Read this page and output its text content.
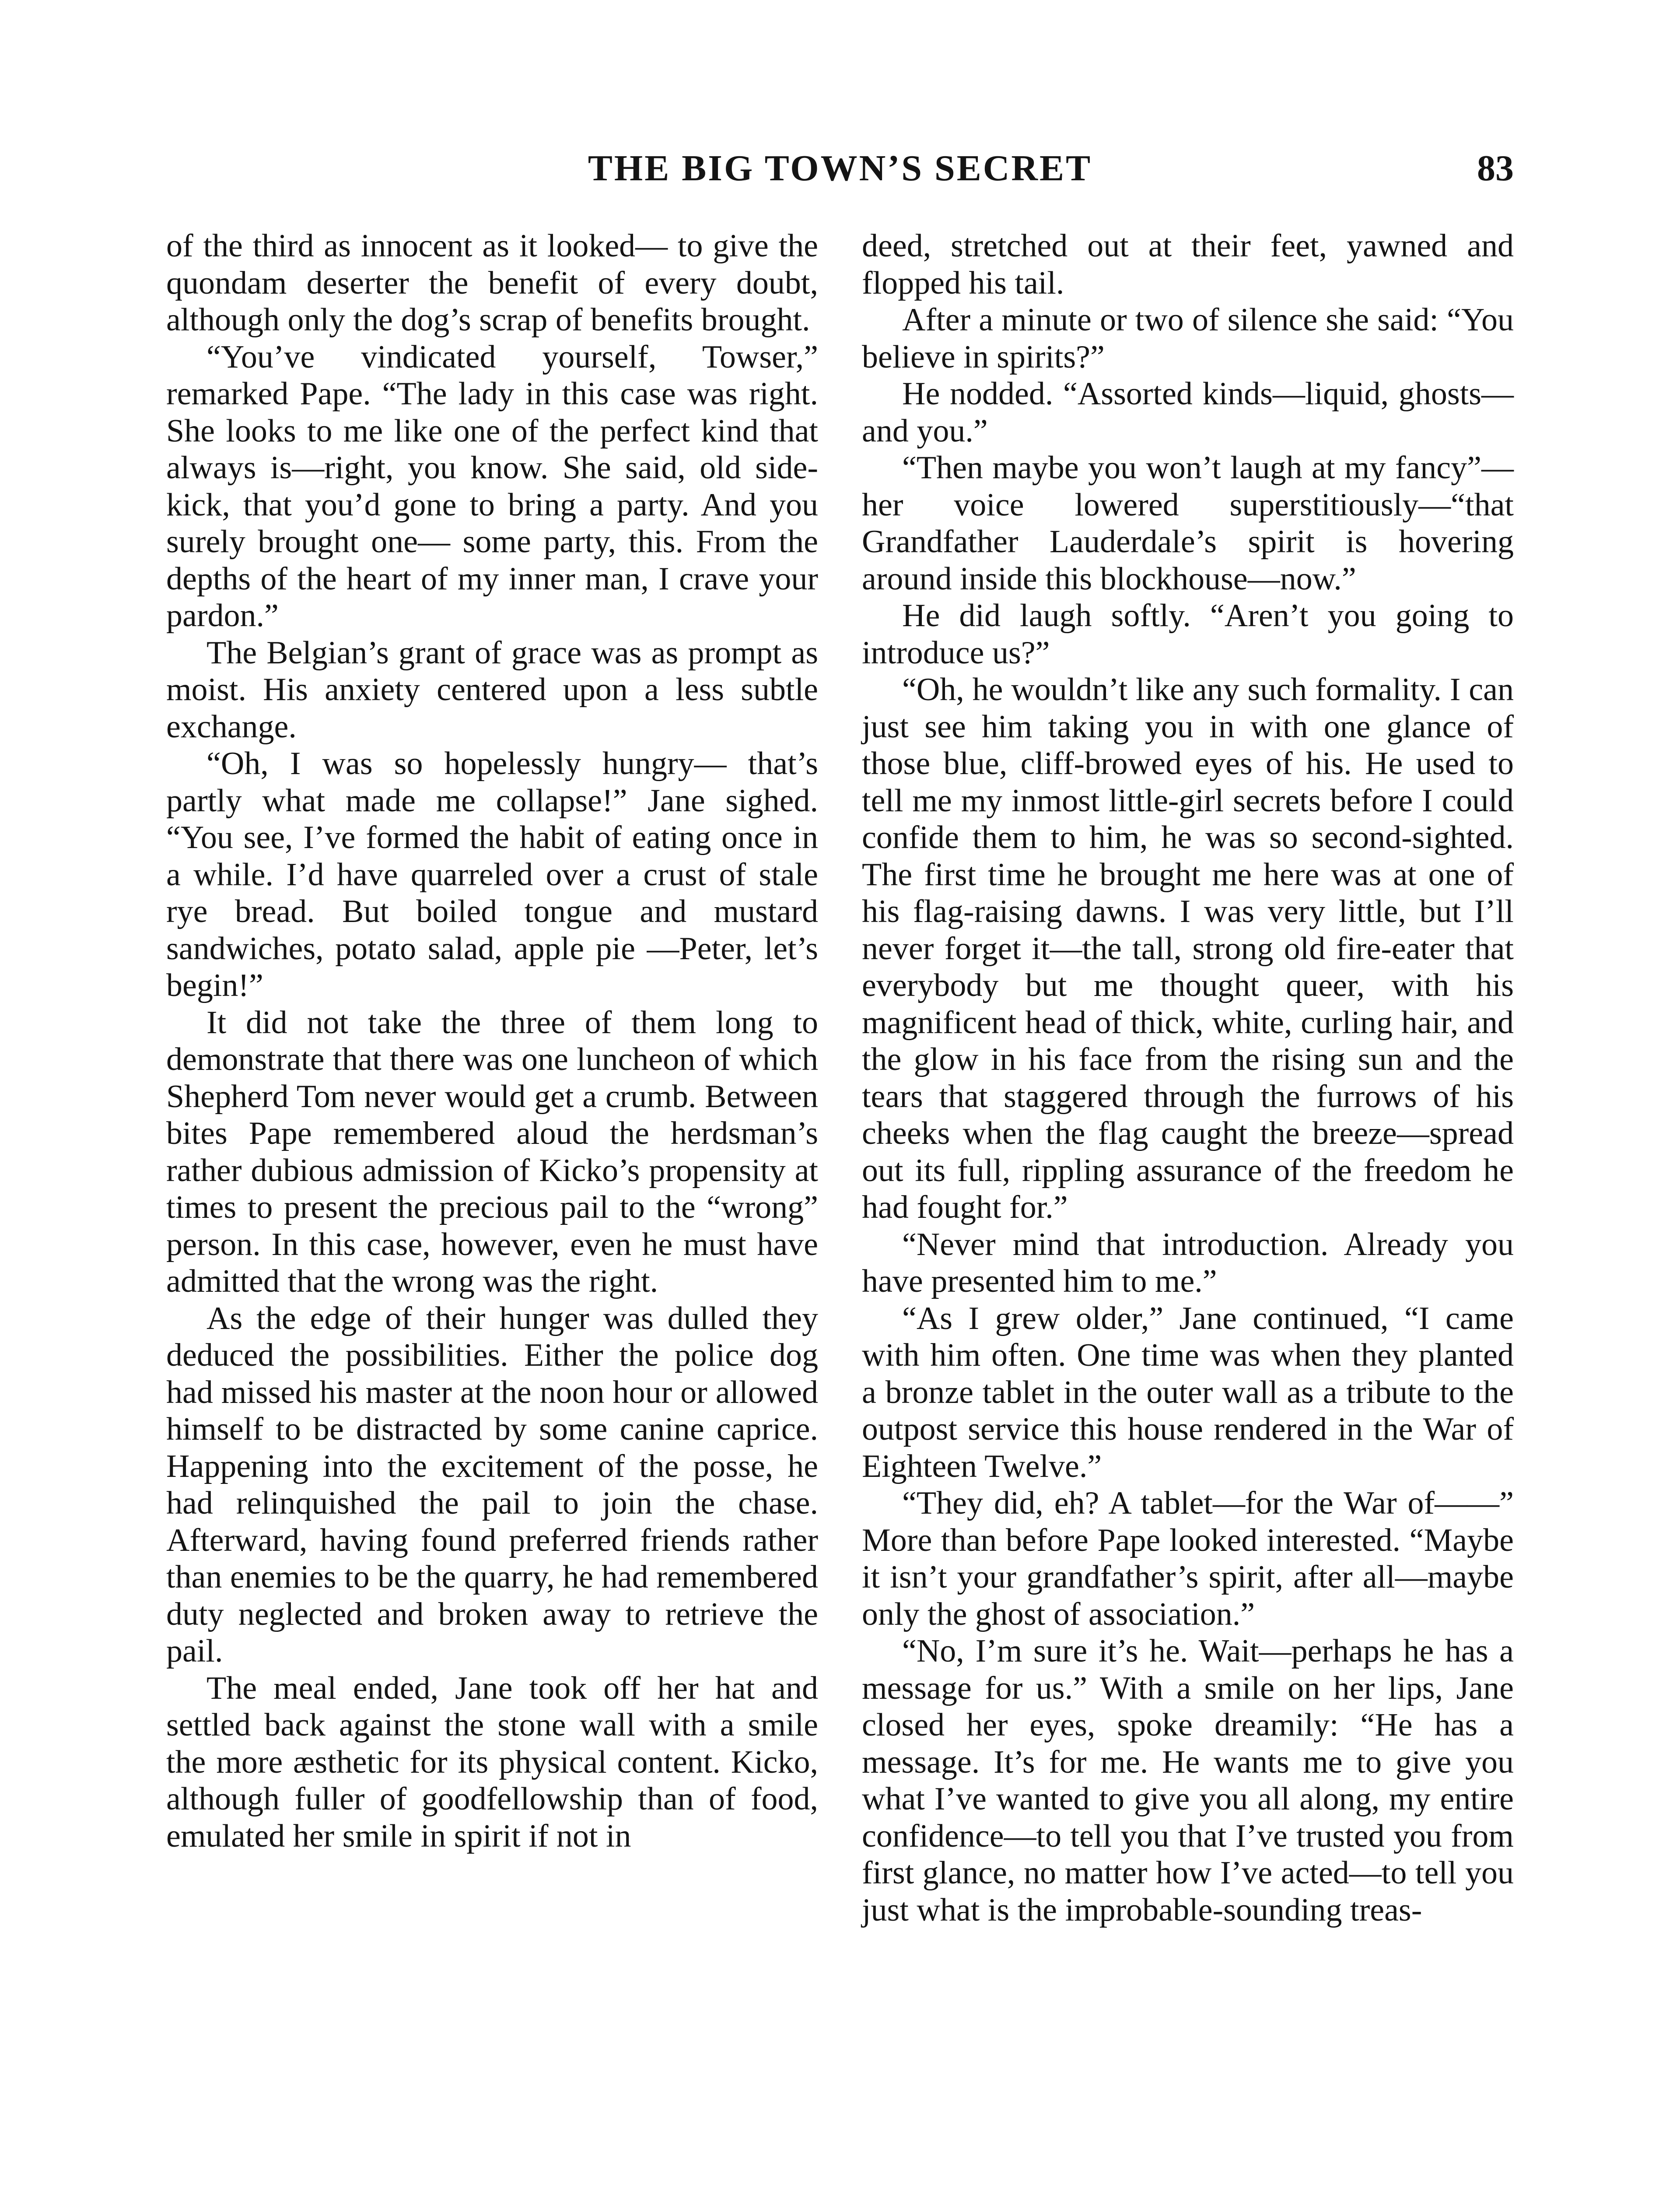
THE BIG TOWN’S SECRET	83

of the third as innocent as it looked— to give the quondam deserter the benefit of every doubt, although only the dog’s scrap of benefits brought.

“You’ve vindicated yourself, Towser,” remarked Pape. “The lady in this case was right. She looks to me like one of the perfect kind that always is—right, you know. She said, old side-kick, that you’d gone to bring a party. And you surely brought one— some party, this. From the depths of the heart of my inner man, I crave your pardon.”

The Belgian’s grant of grace was as prompt as moist. His anxiety centered upon a less subtle exchange.

“Oh, I was so hopelessly hungry— that’s partly what made me collapse!” Jane sighed. “You see, I’ve formed the habit of eating once in a while. I’d have quarreled over a crust of stale rye bread. But boiled tongue and mustard sandwiches, potato salad, apple pie —Peter, let’s begin!”

It did not take the three of them long to demonstrate that there was one luncheon of which Shepherd Tom never would get a crumb. Between bites Pape remembered aloud the herdsman’s rather dubious admission of Kicko’s propensity at times to present the precious pail to the “wrong” person. In this case, however, even he must have admitted that the wrong was the right.

As the edge of their hunger was dulled they deduced the possibilities. Either the police dog had missed his master at the noon hour or allowed himself to be distracted by some canine caprice. Happening into the excitement of the posse, he had relinquished the pail to join the chase. Afterward, having found preferred friends rather than enemies to be the quarry, he had remembered duty neglected and broken away to retrieve the pail.

The meal ended, Jane took off her hat and settled back against the stone wall with a smile the more æsthetic for its physical content. Kicko, although fuller of goodfellowship than of food, emulated her smile in spirit if not in

deed, stretched out at their feet, yawned and flopped his tail.

After a minute or two of silence she said: “You believe in spirits?”

He nodded. “Assorted kinds—liquid, ghosts—and you.”

“Then maybe you won’t laugh at my fancy”—her voice lowered superstitiously—“that Grandfather Lauderdale’s spirit is hovering around inside this blockhouse—now.”

He did laugh softly. “Aren’t you going to introduce us?”

“Oh, he wouldn’t like any such formality. I can just see him taking you in with one glance of those blue, cliff-browed eyes of his. He used to tell me my inmost little-girl secrets before I could confide them to him, he was so second-sighted. The first time he brought me here was at one of his flag-raising dawns. I was very little, but I’ll never forget it—the tall, strong old fire-eater that everybody but me thought queer, with his magnificent head of thick, white, curling hair, and the glow in his face from the rising sun and the tears that staggered through the furrows of his cheeks when the flag caught the breeze—spread out its full, rippling assurance of the freedom he had fought for.”

“Never mind that introduction. Already you have presented him to me.”

“As I grew older,” Jane continued, “I came with him often. One time was when they planted a bronze tablet in the outer wall as a tribute to the outpost service this house rendered in the War of Eighteen Twelve.”

“They did, eh? A tablet—for the War of——” More than before Pape looked interested. “Maybe it isn’t your grandfather’s spirit, after all—maybe only the ghost of association.”

“No, I’m sure it’s he. Wait—perhaps he has a message for us.” With a smile on her lips, Jane closed her eyes, spoke dreamily: “He has a message. It’s for me. He wants me to give you what I’ve wanted to give you all along, my entire confidence—to tell you that I’ve trusted you from first glance, no matter how I’ve acted—to tell you just what is the improbable-sounding treas-
